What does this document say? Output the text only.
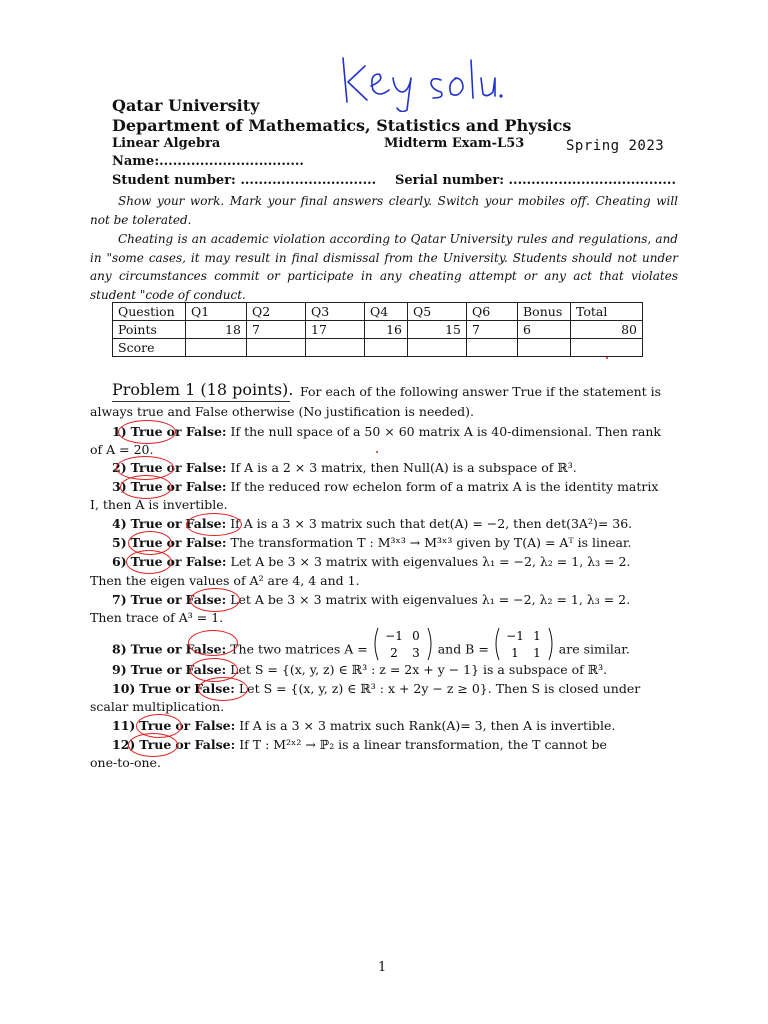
Qatar University
Department of Mathematics, Statistics and Physics
Linear Algebra	Midterm Exam-L53	Spring 2023
Name:................................
Student number: .............................. Serial number: .....................................
Show your work. Mark your final answers clearly. Switch your mobiles off. Cheating will not be tolerated.
Cheating is an academic violation according to Qatar University rules and regulations, and in "some cases, it may result in final dismissal from the University. Students should not under any circumstances commit or participate in any cheating attempt or any act that violates student "code of conduct.
Question	Q1	Q2	Q3	Q4	Q5	Q6	Bonus	Total
Points	18	7	17	16	15	7	6	80
Score								
Problem 1 (18 points). For each of the following answer True if the statement is
always true and False otherwise (No justification is needed).
1) True or False: If the null space of a 50 × 60 matrix A is 40-dimensional. Then rank
of A = 20.
2) True or False: If A is a 2 × 3 matrix, then Null(A) is a subspace of ℝ³.
3) True or False: If the reduced row echelon form of a matrix A is the identity matrix
I, then A is invertible.
4) True or False: If A is a 3 × 3 matrix such that det(A) = −2, then det(3A²)= 36.
5) True or False: The transformation T : M³ˣ³ → M³ˣ³ given by T(A) = Aᵀ is linear.
6) True or False: Let A be 3 × 3 matrix with eigenvalues λ₁ = −2, λ₂ = 1, λ₃ = 2.
Then the eigen values of A² are 4, 4 and 1.
7) True or False: Let A be 3 × 3 matrix with eigenvalues λ₁ = −2, λ₂ = 1, λ₃ = 2.
Then trace of A³ = 1.
8) True or False: The two matrices A =
−1 0
2 3 and B =
−1 1
1 1 are similar.
9) True or False: Let S = {(x, y, z) ∈ ℝ³ : z = 2x + y − 1} is a subspace of ℝ³.
10) True or False: Let S = {(x, y, z) ∈ ℝ³ : x + 2y − z ≥ 0}. Then S is closed under
scalar multiplication.
11) True or False: If A is a 3 × 3 matrix such Rank(A)= 3, then A is invertible.
12) True or False: If T : M²ˣ² → ℙ₂ is a linear transformation, the T cannot be
one-to-one.
1
